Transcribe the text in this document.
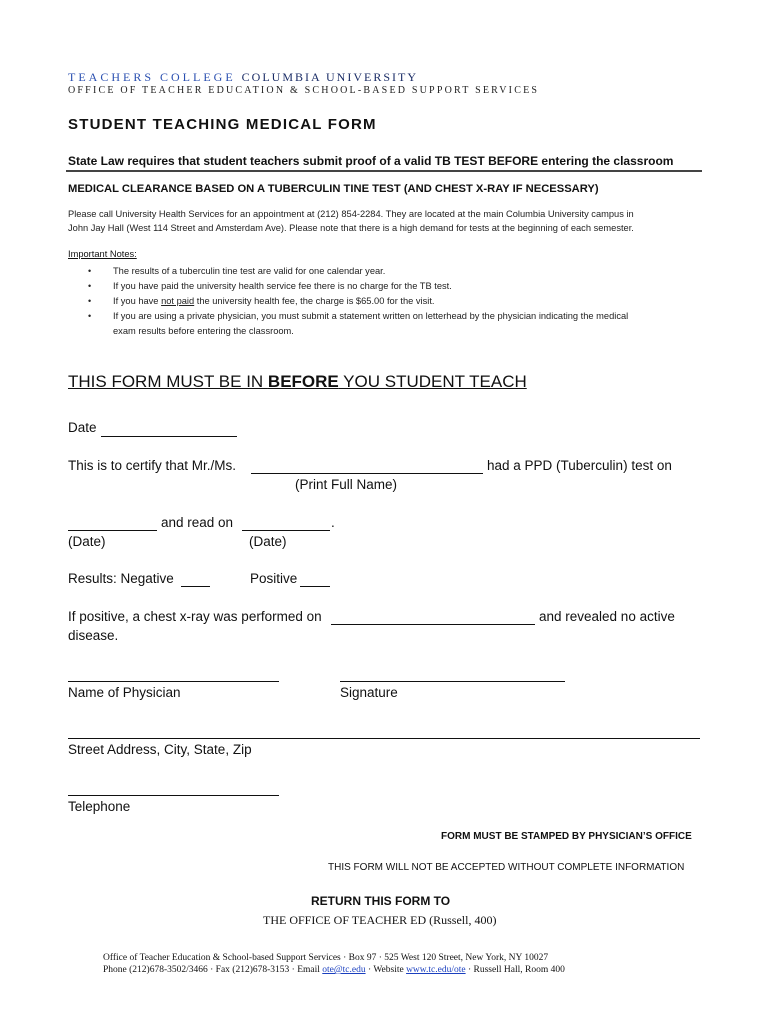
TEACHERS COLLEGE COLUMBIA UNIVERSITY
OFFICE OF TEACHER EDUCATION & SCHOOL-BASED SUPPORT SERVICES
STUDENT TEACHING MEDICAL FORM
State Law requires that student teachers submit proof of a valid TB TEST BEFORE entering the classroom
MEDICAL CLEARANCE BASED ON A TUBERCULIN TINE TEST (AND CHEST X-RAY IF NECESSARY)
Please call University Health Services for an appointment at (212) 854-2284. They are located at the main Columbia University campus in
John Jay Hall (West 114 Street and Amsterdam Ave). Please note that there is a high demand for tests at the beginning of each semester.
Important Notes:
• The results of a tuberculin tine test are valid for one calendar year.
• If you have paid the university health service fee there is no charge for the TB test.
• If you have not paid the university health fee, the charge is $65.00 for the visit.
• If you are using a private physician, you must submit a statement written on letterhead by the physician indicating the medical
exam results before entering the classroom.
THIS FORM MUST BE IN BEFORE YOU STUDENT TEACH
Date
This is to certify that Mr./Ms.	had a PPD (Tuberculin) test on
(Print Full Name)
and read on	.
(Date)	(Date)
Results: Negative	Positive
If positive, a chest x-ray was performed on	and revealed no active
disease.
Name of Physician	Signature
Street Address, City, State, Zip
Telephone
FORM MUST BE STAMPED BY PHYSICIAN’S OFFICE
THIS FORM WILL NOT BE ACCEPTED WITHOUT COMPLETE INFORMATION
RETURN THIS FORM TO
THE OFFICE OF TEACHER ED (Russell, 400)
Office of Teacher Education & School-based Support Services · Box 97 · 525 West 120 Street, New York, NY 10027
Phone (212)678-3502/3466 · Fax (212)678-3153 · Email ote@tc.edu · Website www.tc.edu/ote · Russell Hall, Room 400
